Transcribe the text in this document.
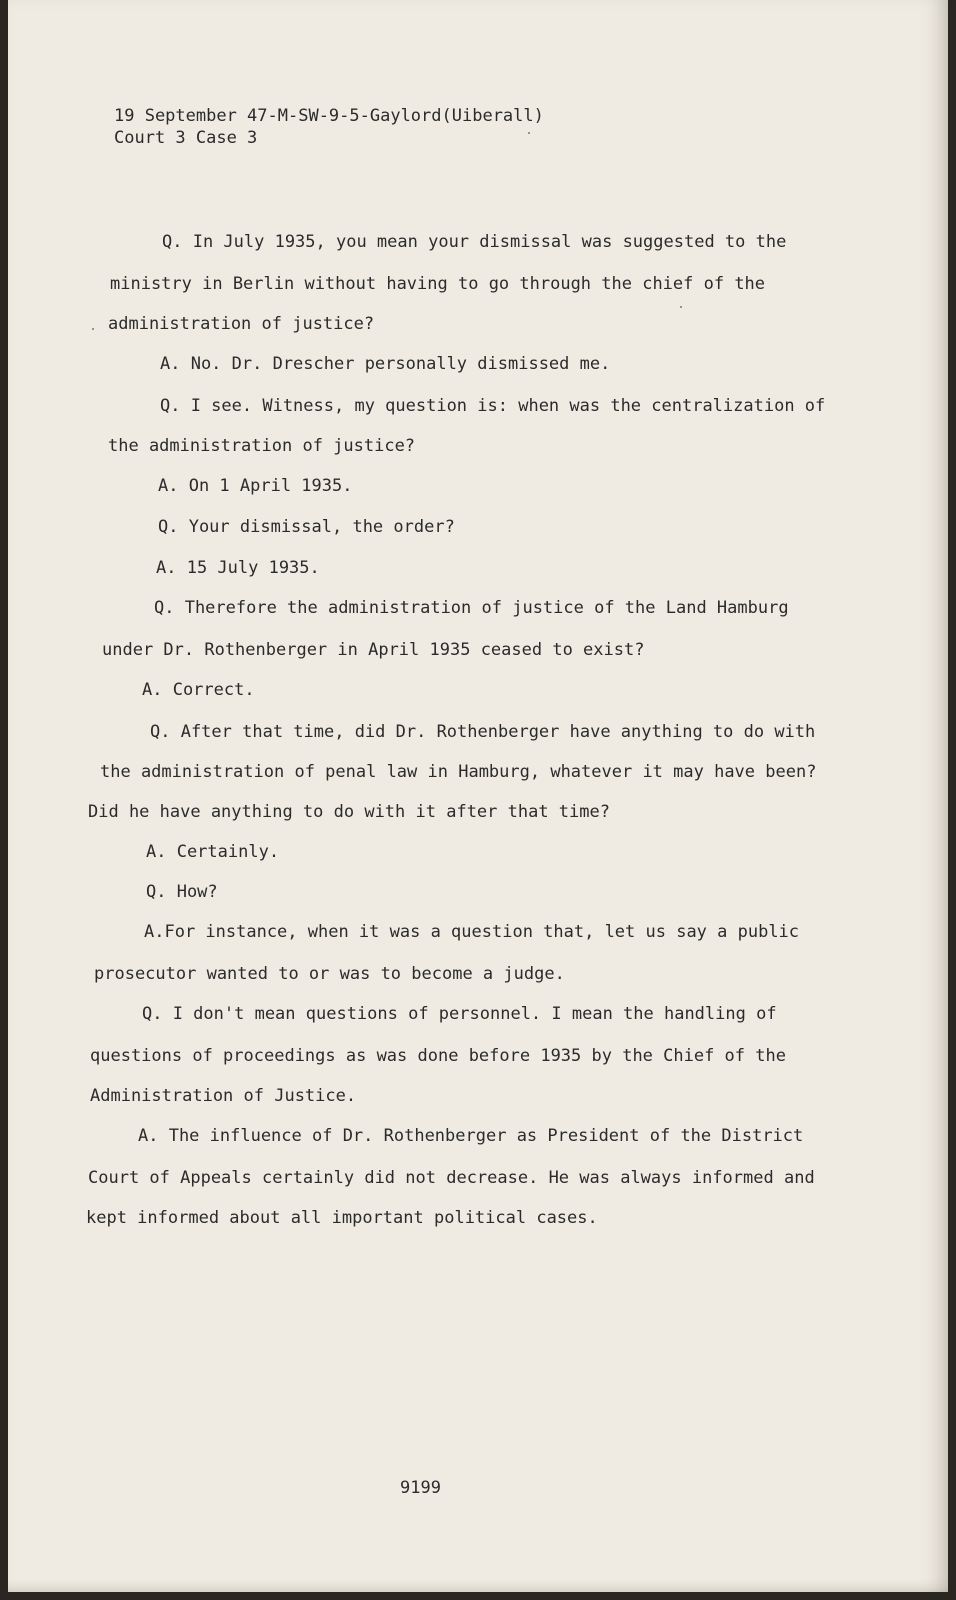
19 September 47-M-SW-9-5-Gaylord(Uiberall)
Court 3 Case 3
Q. In July 1935, you mean your dismissal was suggested to the
ministry in Berlin without having to go through the chief of the
administration of justice?
A. No. Dr. Drescher personally dismissed me.
Q. I see. Witness, my question is: when was the centralization of
the administration of justice?
A. On 1 April 1935.
Q. Your dismissal, the order?
A. 15 July 1935.
Q. Therefore the administration of justice of the Land Hamburg
under Dr. Rothenberger in April 1935 ceased to exist?
A. Correct.
Q. After that time, did Dr. Rothenberger have anything to do with
the administration of penal law in Hamburg, whatever it may have been?
Did he have anything to do with it after that time?
A. Certainly.
Q. How?
A.For instance, when it was a question that, let us say a public
prosecutor wanted to or was to become a judge.
Q. I don't mean questions of personnel. I mean the handling of
questions of proceedings as was done before 1935 by the Chief of the
Administration of Justice.
A. The influence of Dr. Rothenberger as President of the District
Court of Appeals certainly did not decrease. He was always informed and
kept informed about all important political cases.
9199
